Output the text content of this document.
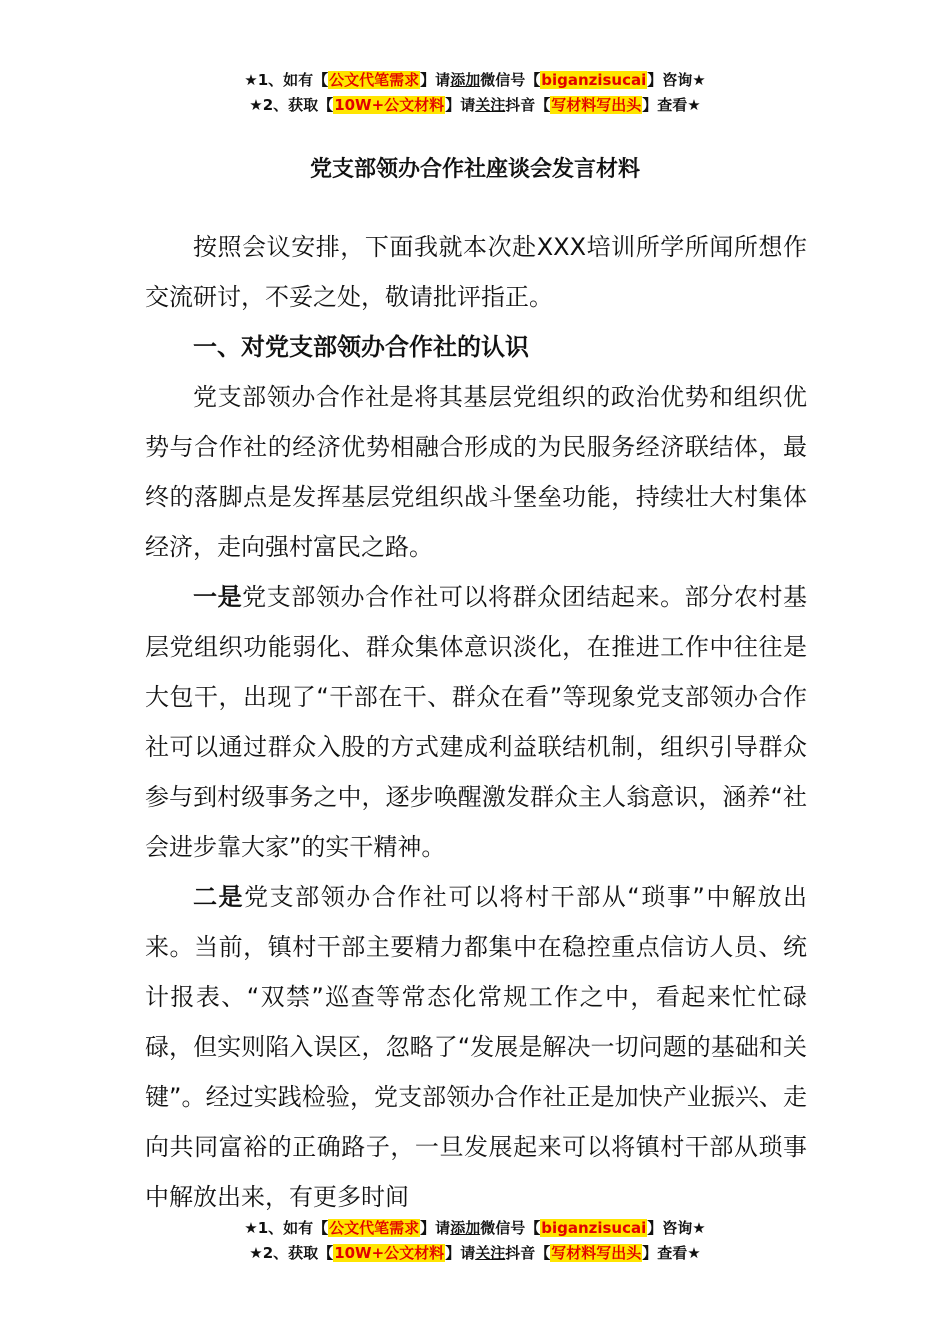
★1、如有【公文代笔需求】请添加微信号【biganzisucai】咨询★
★2、获取【10W+公文材料】请关注抖音【写材料写出头】查看★
党支部领办合作社座谈会发言材料

按照会议安排，下面我就本次赴XXX培训所学所闻所想作交流研讨，不妥之处，敬请批评指正。

一、对党支部领办合作社的认识

党支部领办合作社是将其基层党组织的政治优势和组织优势与合作社的经济优势相融合形成的为民服务经济联结体，最终的落脚点是发挥基层党组织战斗堡垒功能，持续壮大村集体经济，走向强村富民之路。

一是党支部领办合作社可以将群众团结起来。部分农村基层党组织功能弱化、群众集体意识淡化，在推进工作中往往是大包干，出现了“干部在干、群众在看”等现象党支部领办合作社可以通过群众入股的方式建成利益联结机制，组织引导群众参与到村级事务之中，逐步唤醒激发群众主人翁意识，涵养“社会进步靠大家”的实干精神。

二是党支部领办合作社可以将村干部从“琐事”中解放出来。当前，镇村干部主要精力都集中在稳控重点信访人员、统计报表、“双禁”巡查等常态化常规工作之中，看起来忙忙碌碌，但实则陷入误区，忽略了“发展是解决一切问题的基础和关键”。经过实践检验，党支部领办合作社正是加快产业振兴、走向共同富裕的正确路子，一旦发展起来可以将镇村干部从琐事中解放出来，有更多时间

★1、如有【公文代笔需求】请添加微信号【biganzisucai】咨询★
★2、获取【10W+公文材料】请关注抖音【写材料写出头】查看★
